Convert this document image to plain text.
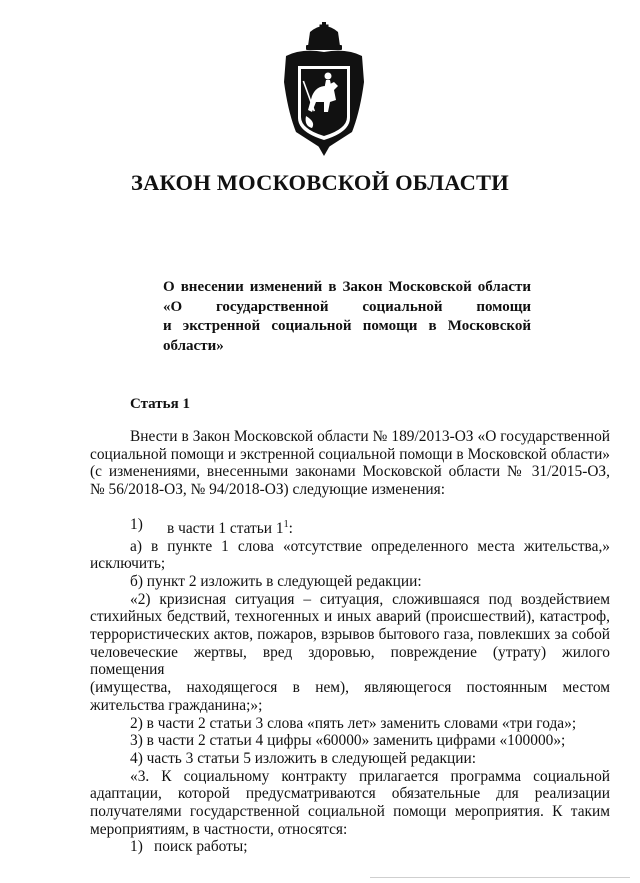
ЗАКОН МОСКОВСКОЙ ОБЛАСТИ
О внесении изменений в Закон Московской области
«О государственной социальной помощи
и экстренной социальной помощи в Московской
области»
Статья 1

Внести в Закон Московской области № 189/2013-ОЗ «О государственной

социальной помощи и экстренной социальной помощи в Московской области»

(с изменениями, внесенными законами Московской области № 31/2015-ОЗ,

№ 56/2018-ОЗ, № 94/2018-ОЗ) следующие изменения:

1)	в части 1 статьи $1^1$:

а) в пункте 1 слова «отсутствие определенного места жительства,»

исключить;

б) пункт 2 изложить в следующей редакции:

«2) кризисная ситуация – ситуация, сложившаяся под воздействием

стихийных бедствий, техногенных и иных аварий (происшествий), катастроф,

террористических актов, пожаров, взрывов бытового газа, повлекших за собой

человеческие жертвы, вред здоровью, повреждение (утрату) жилого помещения

(имущества, находящегося в нем), являющегося постоянным местом

жительства гражданина;»;

2) в части 2 статьи 3 слова «пять лет» заменить словами «три года»;

3) в части 2 статьи 4 цифры «60000» заменить цифрами «100000»;

4) часть 3 статьи 5 изложить в следующей редакции:

«3. К социальному контракту прилагается программа социальной

адаптации, которой предусматриваются обязательные для реализации

получателями государственной социальной помощи мероприятия. К таким

мероприятиям, в частности, относятся:

1) поиск работы;
